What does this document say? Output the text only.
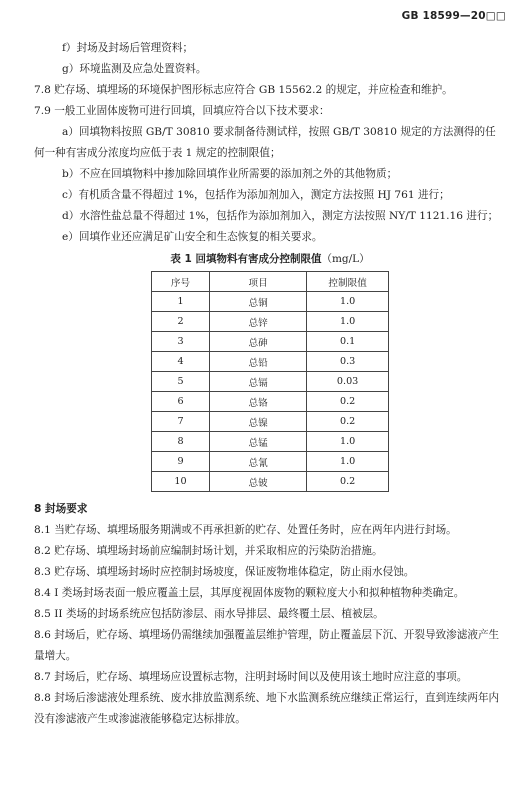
GB 18599—20□□
f）封场及封场后管理资料；
g）环境监测及应急处置资料。
7.8 贮存场、填埋场的环境保护图形标志应符合 GB 15562.2 的规定，并应检查和维护。
7.9 一般工业固体废物可进行回填，回填应符合以下技术要求：
a）回填物料按照 GB/T 30810 要求制备待测试样，按照 GB/T 30810 规定的方法测得的任何一种有害成分浓度均应低于表 1 规定的控制限值；
b）不应在回填物料中掺加除回填作业所需要的添加剂之外的其他物质；
c）有机质含量不得超过 1%，包括作为添加剂加入，测定方法按照 HJ 761 进行；
d）水溶性盐总量不得超过 1%，包括作为添加剂加入，测定方法按照 NY/T 1121.16 进行；
e）回填作业还应满足矿山安全和生态恢复的相关要求。
表 1 回填物料有害成分控制限值（mg/L）
序号	项目	控制限值
1	总铜	1.0
2	总锌	1.0
3	总砷	0.1
4	总铅	0.3
5	总镉	0.03
6	总铬	0.2
7	总镍	0.2
8	总锰	1.0
9	总氰	1.0
10	总铍	0.2
8 封场要求
8.1 当贮存场、填埋场服务期满或不再承担新的贮存、处置任务时，应在两年内进行封场。
8.2 贮存场、填埋场封场前应编制封场计划，并采取相应的污染防治措施。
8.3 贮存场、填埋场封场时应控制封场坡度，保证废物堆体稳定，防止雨水侵蚀。
8.4 I 类场封场表面一般应覆盖土层，其厚度视固体废物的颗粒度大小和拟种植物种类确定。
8.5 II 类场的封场系统应包括防渗层、雨水导排层、最终覆土层、植被层。
8.6 封场后，贮存场、填埋场仍需继续加强覆盖层维护管理，防止覆盖层下沉、开裂导致渗滤液产生量增大。
8.7 封场后，贮存场、填埋场应设置标志物，注明封场时间以及使用该土地时应注意的事项。
8.8 封场后渗滤液处理系统、废水排放监测系统、地下水监测系统应继续正常运行，直到连续两年内没有渗滤液产生或渗滤液能够稳定达标排放。
